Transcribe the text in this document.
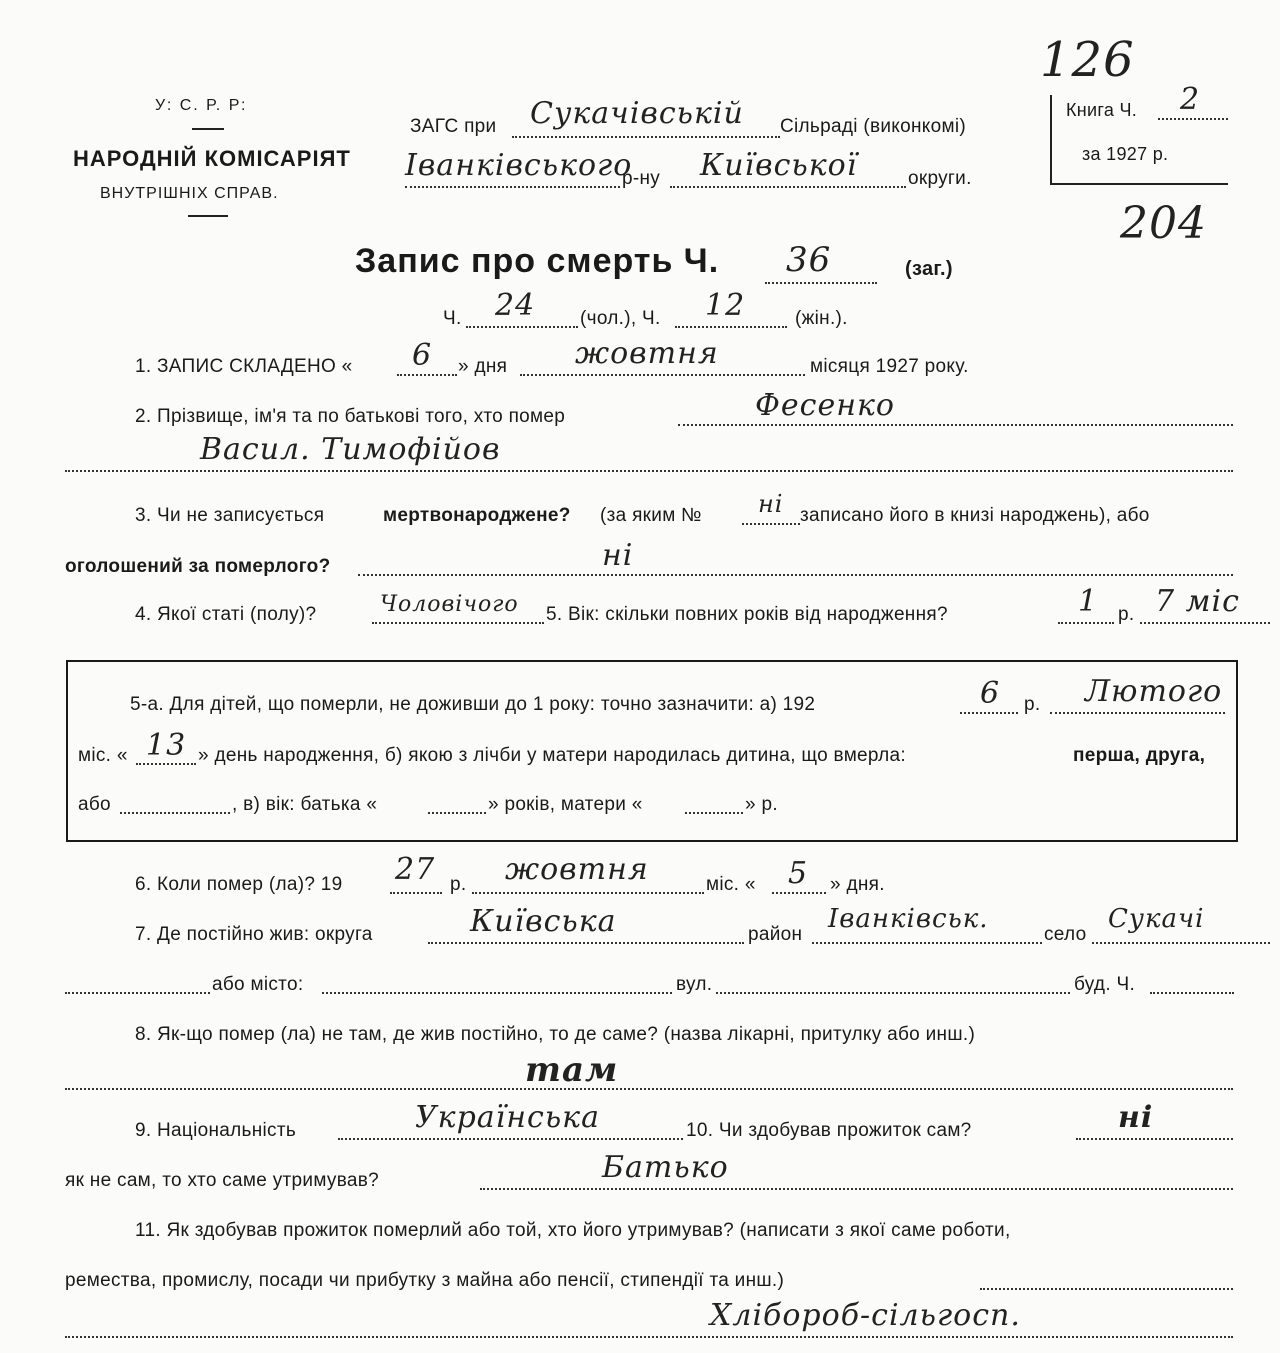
У: С. Р. Р:
НАРОДНІЙ КОМІСАРІЯТ
ВНУТРІШНІХ СПРАВ.
ЗАГС при Сукачівській Сільраді (виконкомі)
Іванківського
р-ну Київської	округи.
126
Книга Ч. 2
за 1927 р.
204
Запис про смерть Ч. 36	(заг.)
Ч. 24 (чол.), Ч. 12	(жін.).
1. ЗАПИС СКЛАДЕНО « 6 » дня жовтня	місяця 1927 року.
2. Прізвище, ім'я та по батькові того, хто помер	Фесенко
Васил. Тимофійов
3. Чи не записується	мертвонароджене? (за яким № ні записано його в книзі народжень), або
оголошений за померлого?	ні
4. Якої статі (полу)?	Чоловічого 5. Вік: скільки повних років від народження?	1 р. 7 міс
5-а. Для дітей, що померли, не доживши до 1 року: точно зазначити: а) 192	6 р. Лютого
міс. « 13 » день народження, б) якою з лічби у матери народилась дитина, що вмерла:	перша, друга,
або	, в) вік: батька «	» років, матери «	» р.
6. Коли помер (ла)? 19 27 р. жовтня	міс. « 5 » дня.
7. Де постійно жив: округа	Київська	район
Іванківськ.
село
Сукачі
або місто:	вул.	буд. Ч.
8. Як-що помер (ла) не там, де жив постійно, то де саме? (назва лікарні, притулку або инш.)
там
9. Національність	Українська	10. Чи здобував прожиток сам?	ні
як не сам, то хто саме утримував?	Батько
11. Як здобував прожиток померлий або той, хто його утримував? (написати з якої саме роботи,
ремества, промислу, посади чи прибутку з майна або пенсії, стипендії та инш.)
Хлібороб-сільгосп.
